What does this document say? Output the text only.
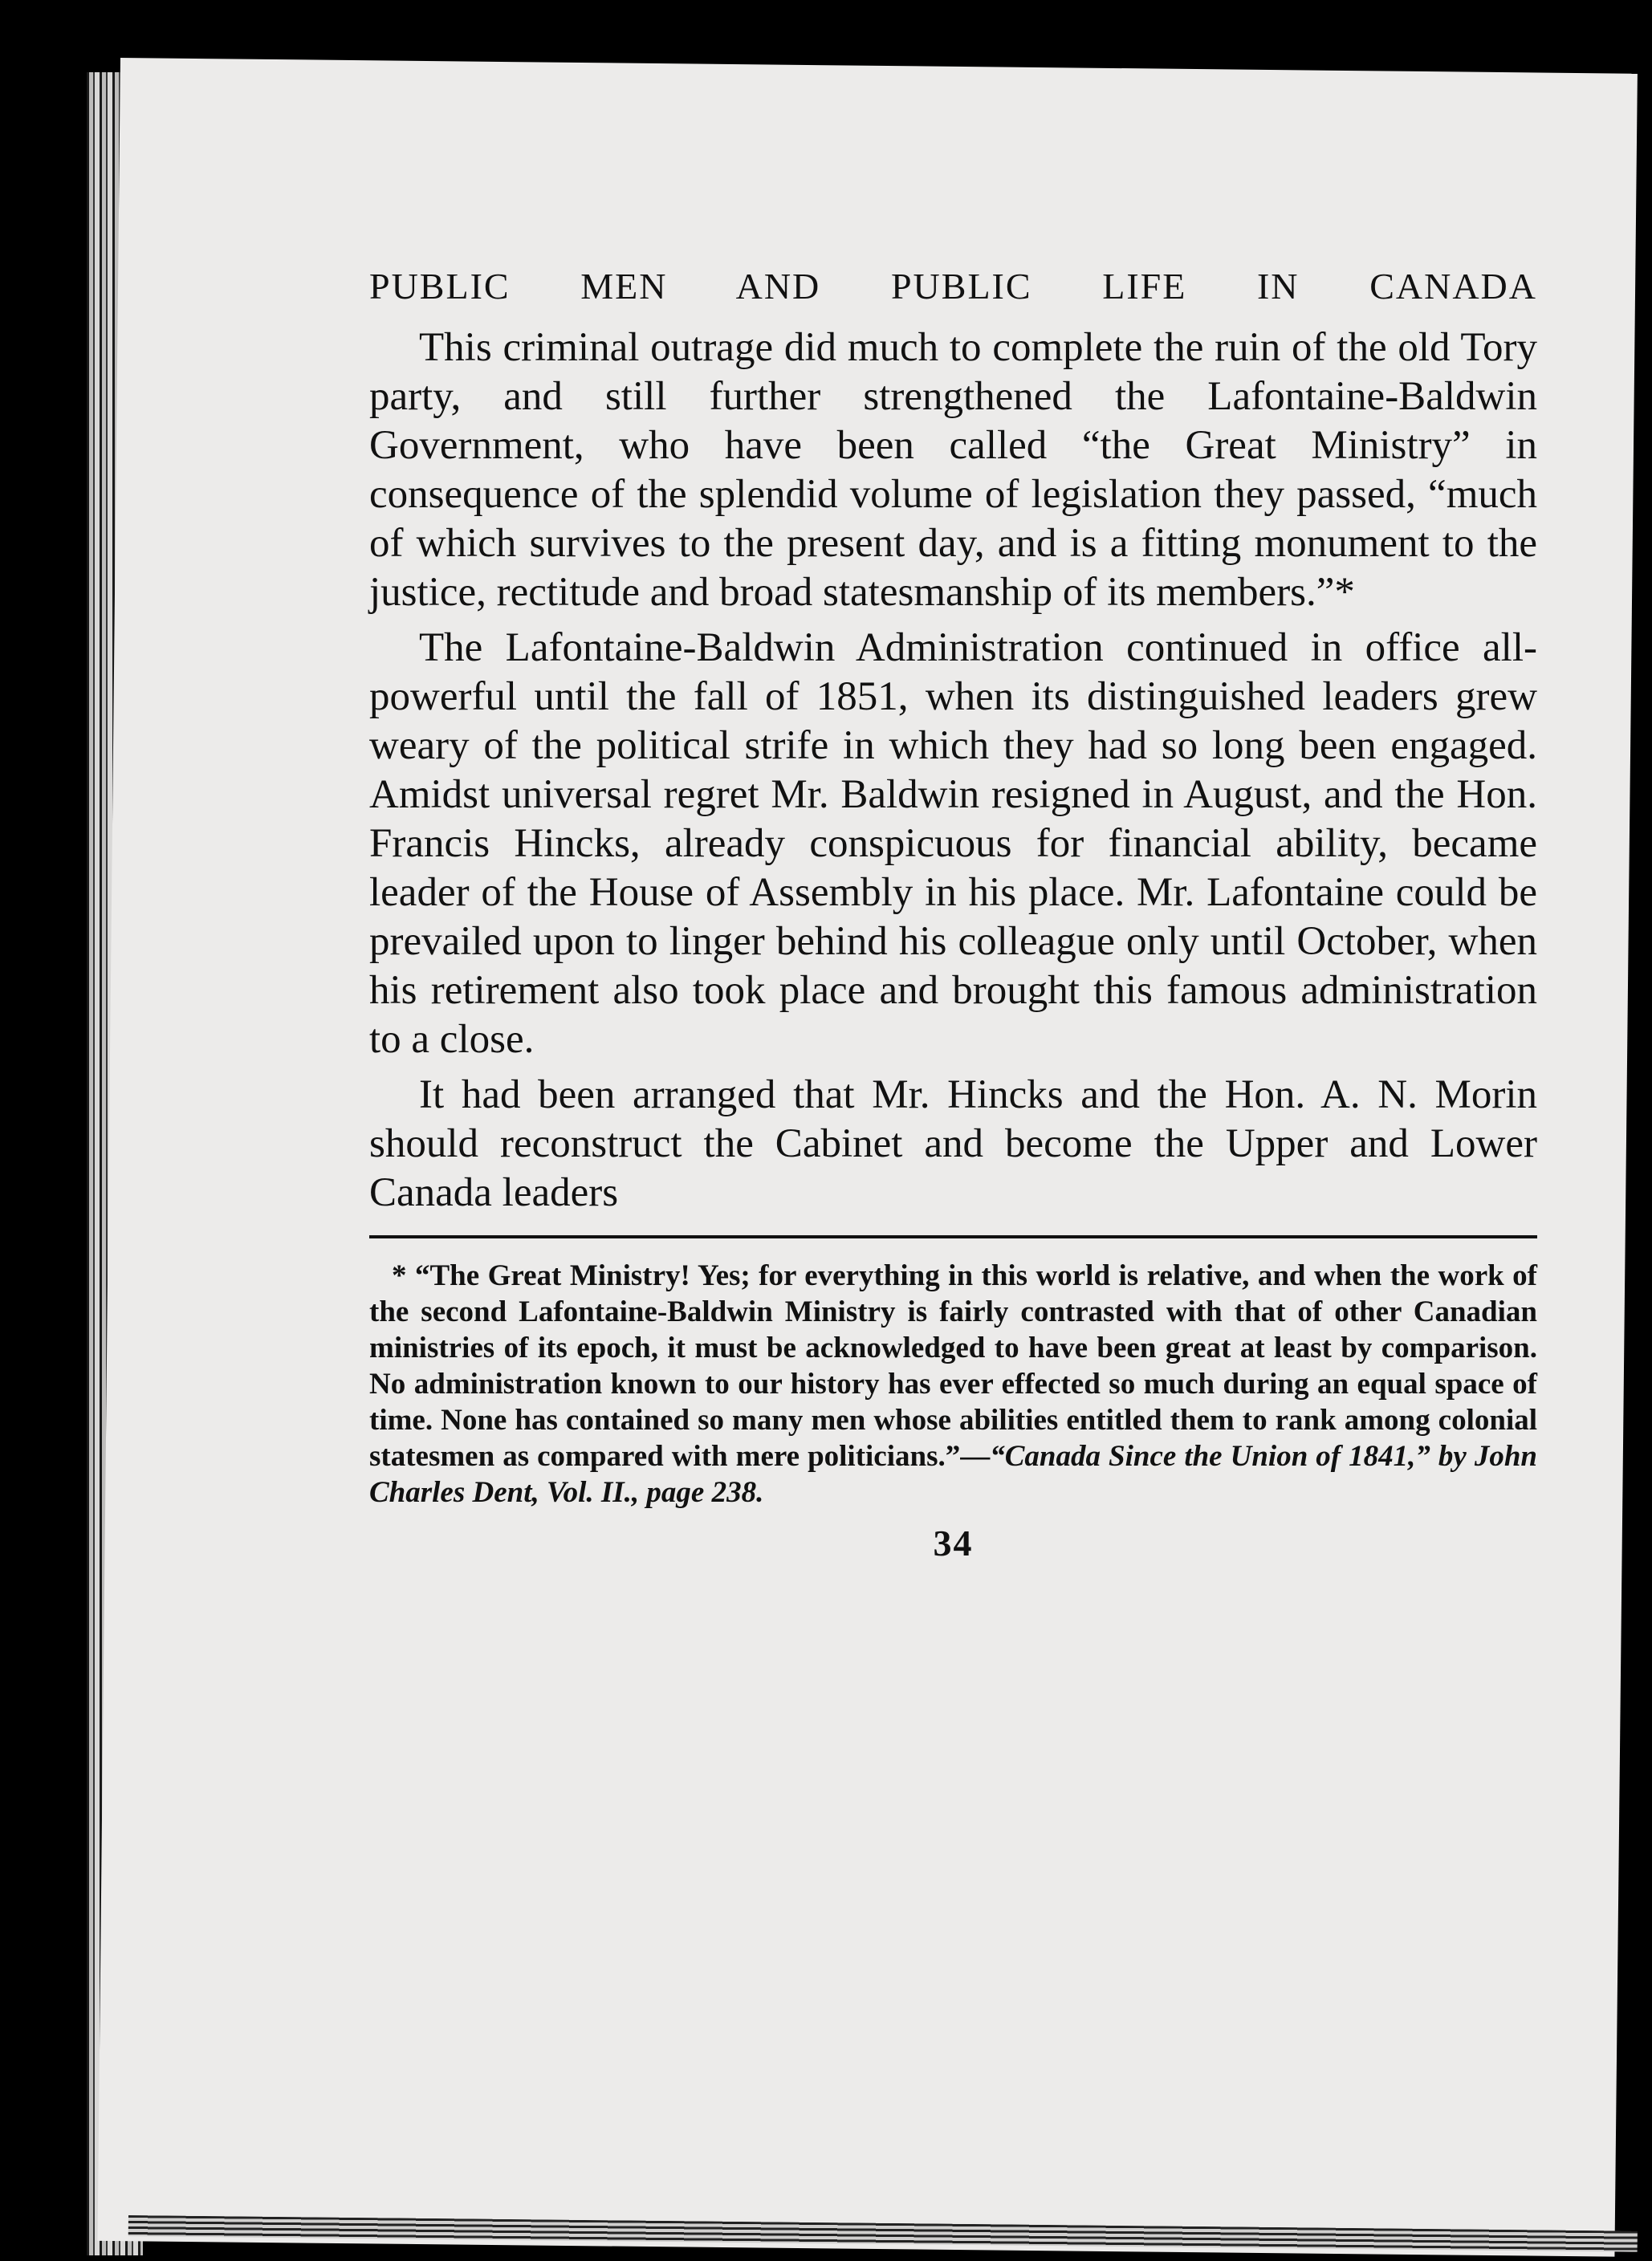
PUBLIC MEN AND PUBLIC LIFE IN CANADA

This criminal outrage did much to complete the ruin of the old Tory party, and still further strengthened the Lafontaine-Baldwin Government, who have been called “the Great Ministry” in consequence of the splendid volume of legislation they passed, “much of which survives to the present day, and is a fitting monument to the justice, rectitude and broad statesmanship of its members.”*

The Lafontaine-Baldwin Administration continued in office all-powerful until the fall of 1851, when its distinguished leaders grew weary of the political strife in which they had so long been engaged. Amidst universal regret Mr. Baldwin resigned in August, and the Hon. Francis Hincks, already conspicuous for financial ability, became leader of the House of Assembly in his place. Mr. Lafontaine could be prevailed upon to linger behind his colleague only until October, when his retirement also took place and brought this famous administration to a close.

It had been arranged that Mr. Hincks and the Hon. A. N. Morin should reconstruct the Cabinet and become the Upper and Lower Canada leaders

* “The Great Ministry! Yes; for everything in this world is relative, and when the work of the second Lafontaine-Baldwin Ministry is fairly contrasted with that of other Canadian ministries of its epoch, it must be acknowledged to have been great at least by comparison. No administration known to our history has ever effected so much during an equal space of time. None has contained so many men whose abilities entitled them to rank among colonial statesmen as compared with mere politicians.”—“Canada Since the Union of 1841,” by John Charles Dent, Vol. II., page 238.

34
